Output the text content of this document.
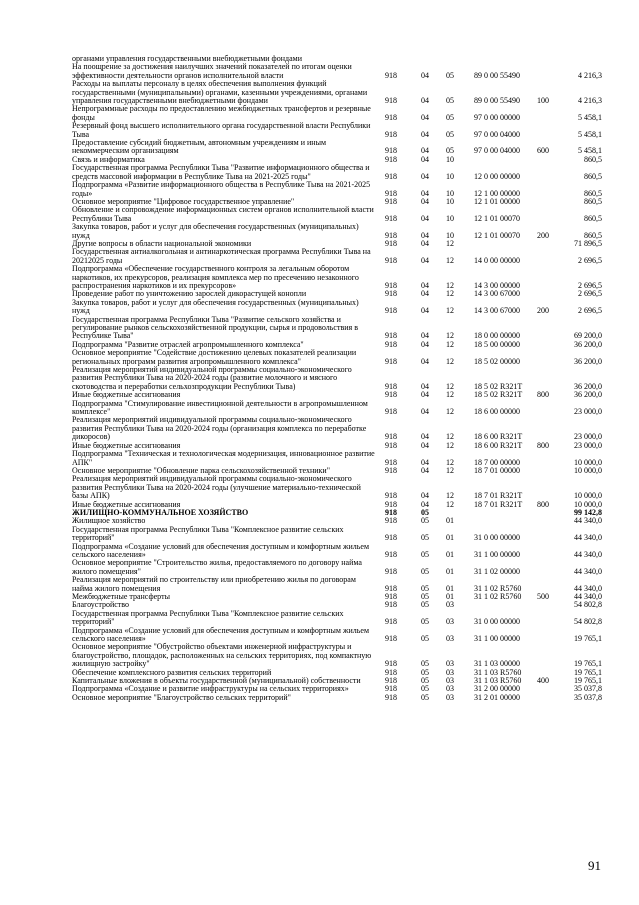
органами управления государственными внебюджетными фондами
На поощрение за достижения наилучших значений показателей по итогам оценки эффективности деятельности органов исполнительной власти	918	04	05	89 0 00 55490	4 216,3
Расходы на выплаты персоналу в целях обеспечения выполнения функций государственными (муниципальными) органами, казенными учреждениями, органами управления государственными внебюджетными фондами	918	04	05	89 0 00 55490	100	4 216,3
Непрограммные расходы по предоставлению межбюджетных трансфертов и резервные фонды	918	04	05	97 0 00 00000	5 458,1
Резервный фонд высшего исполнительного органа государственной власти Республики Тыва	918	04	05	97 0 00 04000	5 458,1
Предоставление субсидий бюджетным, автономным учреждениям и иным некоммерческим организациям	918	04	05	97 0 00 04000	600	5 458,1
Связь и информатика	918	04	10	860,5
Государственная программа Республики Тыва "Развитие информационного общества и средств массовой информации в Республике Тыва на 2021-2025 годы"	918	04	10	12 0 00 00000	860,5
Подпрограмма «Развитие информационного общества в Республике Тыва на 2021-2025 годы»	918	04	10	12 1 00 00000	860,5
Основное мероприятие "Цифровое государственное управление"	918	04	10	12 1 01 00000	860,5
Обновление и сопровождение информационных систем органов исполнительной власти Республики Тыва	918	04	10	12 1 01 00070	860,5
Закупка товаров, работ и услуг для обеспечения государственных (муниципальных) нужд	918	04	10	12 1 01 00070	200	860,5
Другие вопросы в области национальной экономики	918	04	12	71 896,5
Государственная антиалкогольная и антинаркотическая программа Республики Тыва на 20212025 годы	918	04	12	14 0 00 00000	2 696,5
Подпрограмма «Обеспечение государственного контроля за легальным оборотом наркотиков, их прекурсоров, реализация комплекса мер по пресечению незаконного распространения наркотиков и их прекурсоров»	918	04	12	14 3 00 00000	2 696,5
Проведение работ по уничтожению зарослей дикорастущей конопли	918	04	12	14 3 00 67000	2 696,5
Закупка товаров, работ и услуг для обеспечения государственных (муниципальных) нужд	918	04	12	14 3 00 67000	200	2 696,5
Государственная программа Республики Тыва "Развитие сельского хозяйства и регулирование рынков сельскохозяйственной продукции, сырья и продовольствия в Республике Тыва"	918	04	12	18 0 00 00000	69 200,0
Подпрограмма "Развитие отраслей агропромышленного комплекса"	918	04	12	18 5 00 00000	36 200,0
Основное мероприятие "Содействие достижению целевых показателей реализации региональных программ развития агропромышленного комплекса"	918	04	12	18 5 02 00000	36 200,0
Реализация мероприятий индивидуальной программы социально-экономического развития Республики Тыва на 2020-2024 годы (развитие молочного и мясного скотоводства и переработки сельхозпродукции Республики Тыва)	918	04	12	18 5 02 R321Т	36 200,0
Иные бюджетные ассигнования	918	04	12	18 5 02 R321Т	800	36 200,0
Подпрограмма "Стимулирование инвестиционной деятельности в агропромышленном комплексе"	918	04	12	18 6 00 00000	23 000,0
Реализация мероприятий индивидуальной программы социально-экономического развития Республики Тыва на 2020-2024 годы (организация комплекса по переработке дикоросов)	918	04	12	18 6 00 R321Т	23 000,0
Иные бюджетные ассигнования	918	04	12	18 6 00 R321Т	800	23 000,0
Подпрограмма "Техническая и технологическая модернизация, инновационное развитие АПК"	918	04	12	18 7 00 00000	10 000,0
Основное мероприятие "Обновление парка сельскохозяйственной техники"	918	04	12	18 7 01 00000	10 000,0
Реализация мероприятий индивидуальной программы социально-экономического развития Республики Тыва на 2020-2024 годы (улучшение материально-технической базы АПК)	918	04	12	18 7 01 R321Т	10 000,0
Иные бюджетные ассигнования	918	04	12	18 7 01 R321Т	800	10 000,0
ЖИЛИЩНО-КОММУНАЛЬНОЕ ХОЗЯЙСТВО	918	05	99 142,8
Жилищное хозяйство	918	05	01	44 340,0
Государственная программа Республики Тыва "Комплексное развитие сельских территорий"	918	05	01	31 0 00 00000	44 340,0
Подпрограмма «Создание условий для обеспечения доступным и комфортным жильем сельского населения»	918	05	01	31 1 00 00000	44 340,0
Основное мероприятие "Строительство жилья, предоставляемого по договору найма жилого помещения"	918	05	01	31 1 02 00000	44 340,0
Реализация мероприятий по строительству или приобретению жилья по договорам найма жилого помещения	918	05	01	31 1 02 R5760	44 340,0
Межбюджетные трансферты	918	05	01	31 1 02 R5760	500	44 340,0
Благоустройство	918	05	03	54 802,8
Государственная программа Республики Тыва "Комплексное развитие сельских территорий"	918	05	03	31 0 00 00000	54 802,8
Подпрограмма «Создание условий для обеспечения доступным и комфортным жильем сельского населения»	918	05	03	31 1 00 00000	19 765,1
Основное мероприятие "Обустройство объектами инженерной инфраструктуры и благоустройство, площадок, расположенных на сельских территориях, под компактную жилищную застройку"	918	05	03	31 1 03 00000	19 765,1
Обеспечение комплексного развития сельских территорий	918	05	03	31 1 03 R5760	19 765,1
Капитальные вложения в объекты государственной (муниципальной) собственности	918	05	03	31 1 03 R5760	400	19 765,1
Подпрограмма «Создание и развитие инфраструктуры на сельских территориях»	918	05	03	31 2 00 00000	35 037,8
Основное мероприятие "Благоустройство сельских территорий"	918	05	03	31 2 01 00000	35 037,8
91
